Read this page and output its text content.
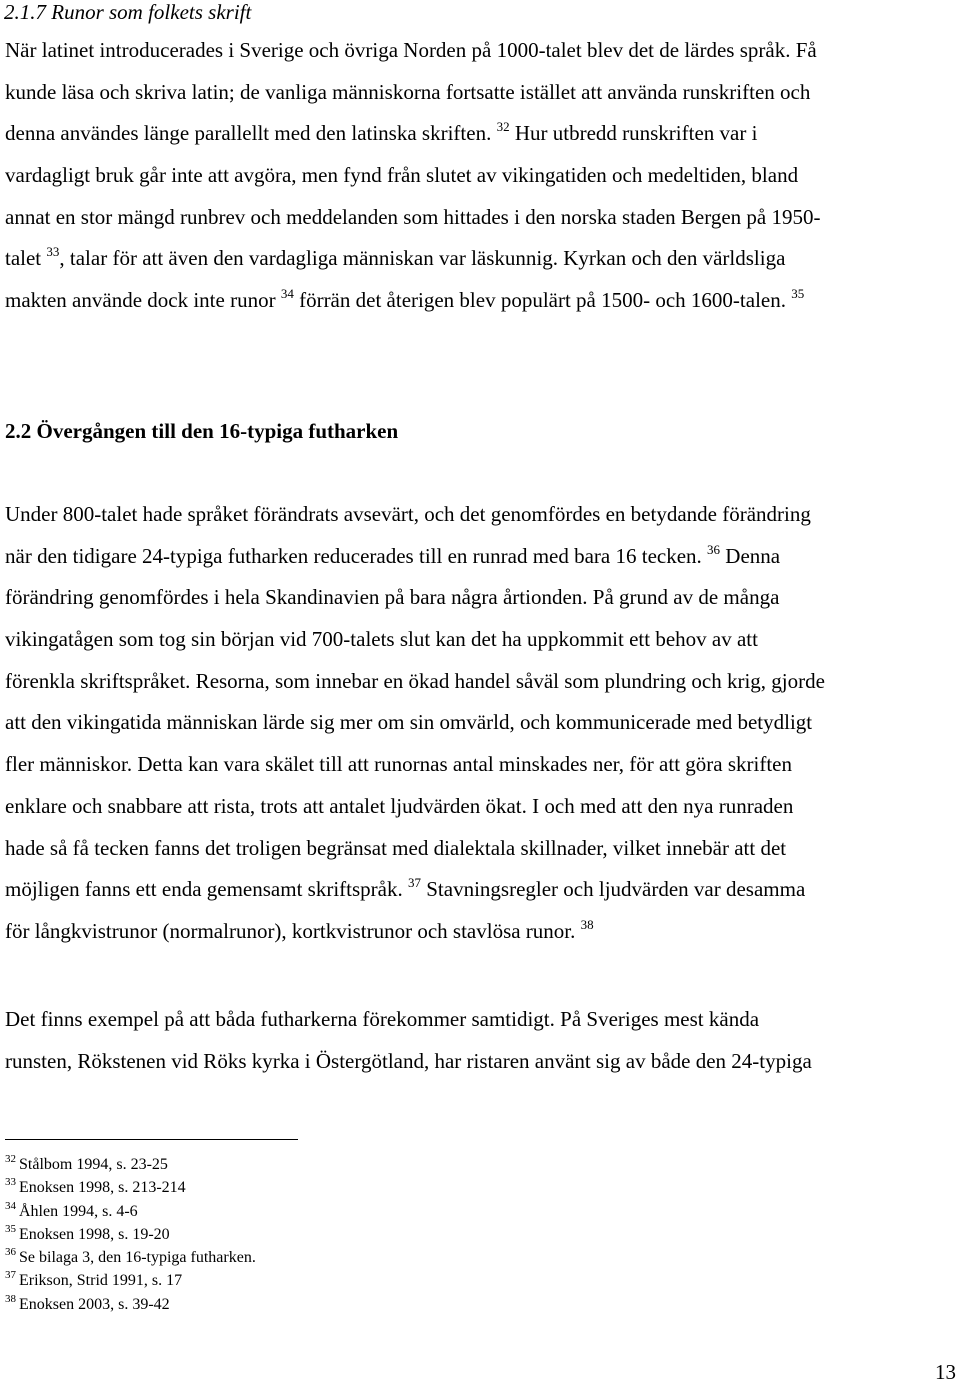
2.1.7 Runor som folkets skrift
När latinet introducerades i Sverige och övriga Norden på 1000-talet blev det de lärdes språk. Få
kunde läsa och skriva latin; de vanliga människorna fortsatte istället att använda runskriften och
denna användes länge parallellt med den latinska skriften. $^{32}$ Hur utbredd runskriften var i
vardagligt bruk går inte att avgöra, men fynd från slutet av vikingatiden och medeltiden, bland
annat en stor mängd runbrev och meddelanden som hittades i den norska staden Bergen på 1950-
talet $^{33}$, talar för att även den vardagliga människan var läskunnig. Kyrkan och den världsliga
makten använde dock inte runor $^{34}$ förrän det återigen blev populärt på 1500- och 1600-talen. $^{35}$
2.2 Övergången till den 16-typiga futharken
Under 800-talet hade språket förändrats avsevärt, och det genomfördes en betydande förändring
när den tidigare 24-typiga futharken reducerades till en runrad med bara 16 tecken. $^{36}$ Denna
förändring genomfördes i hela Skandinavien på bara några årtionden. På grund av de många
vikingatågen som tog sin början vid 700-talets slut kan det ha uppkommit ett behov av att
förenkla skriftspråket. Resorna, som innebar en ökad handel såväl som plundring och krig, gjorde
att den vikingatida människan lärde sig mer om sin omvärld, och kommunicerade med betydligt
fler människor. Detta kan vara skälet till att runornas antal minskades ner, för att göra skriften
enklare och snabbare att rista, trots att antalet ljudvärden ökat. I och med att den nya runraden
hade så få tecken fanns det troligen begränsat med dialektala skillnader, vilket innebär att det
möjligen fanns ett enda gemensamt skriftspråk. $^{37}$ Stavningsregler och ljudvärden var desamma
för långkvistrunor (normalrunor), kortkvistrunor och stavlösa runor. $^{38}$
Det finns exempel på att båda futharkerna förekommer samtidigt. På Sveriges mest kända
runsten, Rökstenen vid Röks kyrka i Östergötland, har ristaren använt sig av både den 24-typiga
$^{32}$ Stålbom 1994, s. 23-25
$^{33}$ Enoksen 1998, s. 213-214
$^{34}$ Åhlen 1994, s. 4-6
$^{35}$ Enoksen 1998, s. 19-20
$^{36}$ Se bilaga 3, den 16-typiga futharken.
$^{37}$ Erikson, Strid 1991, s. 17
$^{38}$ Enoksen 2003, s. 39-42
13
